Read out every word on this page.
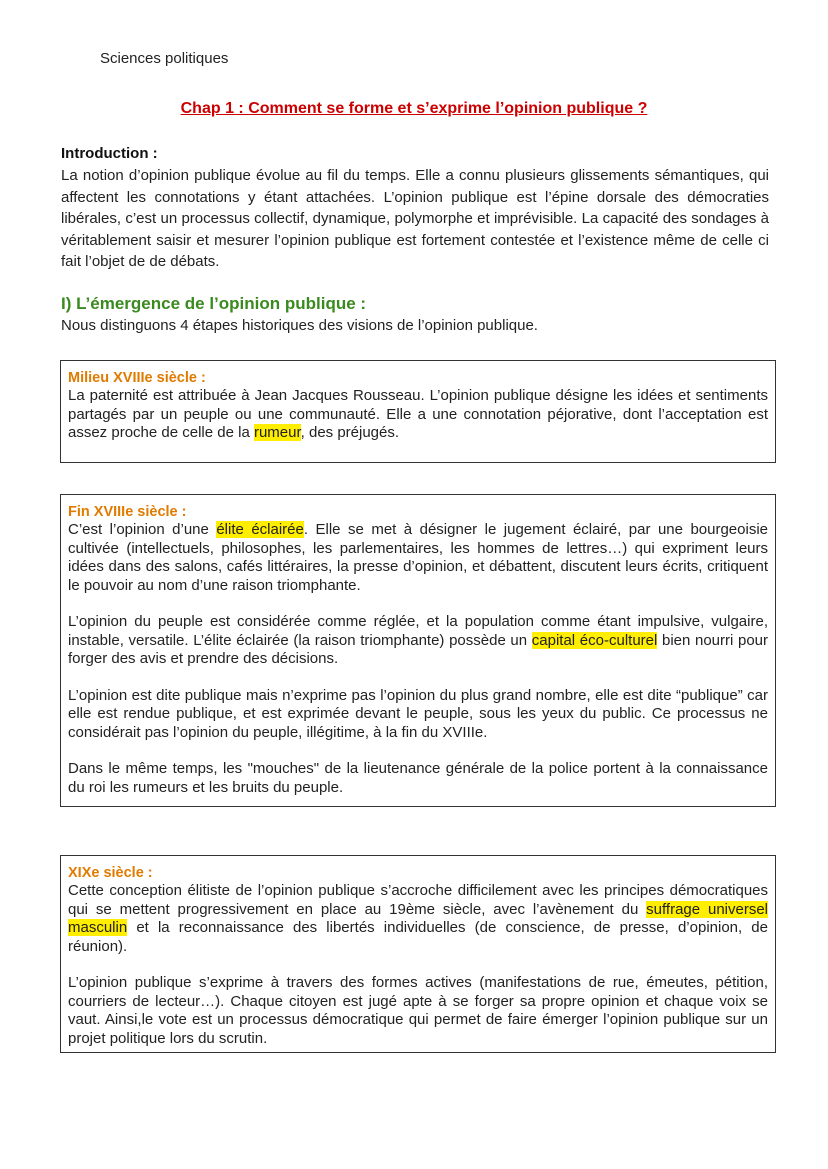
Sciences politiques
Chap 1 : Comment se forme et s’exprime l’opinion publique ?
Introduction :
La notion d’opinion publique évolue au fil du temps. Elle a connu plusieurs glissements sémantiques, qui affectent les connotations y étant attachées. L’opinion publique est l’épine dorsale des démocraties libérales, c’est un processus collectif, dynamique, polymorphe et imprévisible. La capacité des sondages à véritablement saisir et mesurer l’opinion publique est fortement contestée et l’existence même de celle ci fait l’objet de de débats.
I) L’émergence de l’opinion publique :
Nous distinguons 4 étapes historiques des visions de l’opinion publique.
Milieu XVIIIe siècle :

La paternité est attribuée à Jean Jacques Rousseau. L’opinion publique désigne les idées et sentiments partagés par un peuple ou une communauté. Elle a une connotation péjorative, dont l’acceptation est assez proche de celle de la rumeur, des préjugés.

Fin XVIIIe siècle :

C’est l’opinion d’une élite éclairée. Elle se met à désigner le jugement éclairé, par une bourgeoisie cultivée (intellectuels, philosophes, les parlementaires, les hommes de lettres…) qui expriment leurs idées dans des salons, cafés littéraires, la presse d’opinion, et débattent, discutent leurs écrits, critiquent le pouvoir au nom d’une raison triomphante.

L’opinion du peuple est considérée comme réglée, et la population comme étant impulsive, vulgaire, instable, versatile. L’élite éclairée (la raison triomphante) possède un capital éco-culturel bien nourri pour forger des avis et prendre des décisions.

L’opinion est dite publique mais n’exprime pas l’opinion du plus grand nombre, elle est dite “publique” car elle est rendue publique, et est exprimée devant le peuple, sous les yeux du public. Ce processus ne considérait pas l’opinion du peuple, illégitime, à la fin du XVIIIe.

Dans le même temps, les "mouches" de la lieutenance générale de la police portent à la connaissance du roi les rumeurs et les bruits du peuple.

XIXe siècle :

Cette conception élitiste de l’opinion publique s’accroche difficilement avec les principes démocratiques qui se mettent progressivement en place au 19ème siècle, avec l’avènement du suffrage universel masculin et la reconnaissance des libertés individuelles (de conscience, de presse, d’opinion, de réunion).

L’opinion publique s’exprime à travers des formes actives (manifestations de rue, émeutes, pétition, courriers de lecteur…). Chaque citoyen est jugé apte à se forger sa propre opinion et chaque voix se vaut. Ainsi,le vote est un processus démocratique qui permet de faire émerger l’opinion publique sur un projet politique lors du scrutin.
